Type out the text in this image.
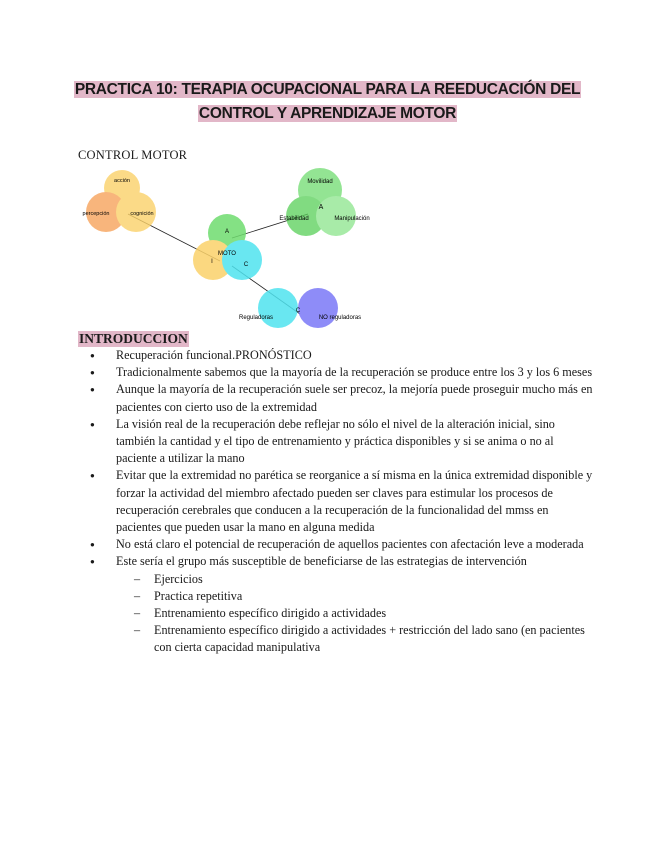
PRACTICA 10: TERAPIA OCUPACIONAL PARA LA REEDUCACIÓN DEL
CONTROL Y APRENDIZAJE MOTOR
CONTROL MOTOR
acción
percepción	cognición
Movilidad
A
Estabilidad	Manipulación
A
MOTO
I	C
C
Reguladoras	NO reguladoras
INTRODUCCION
● Recuperación funcional.PRONÓSTICO
● Tradicionalmente sabemos que la mayoría de la recuperación se produce entre los 3 y los 6 meses
● Aunque la mayoría de la recuperación suele ser precoz, la mejoría puede proseguir mucho más en pacientes con cierto uso de la extremidad
● La visión real de la recuperación debe reflejar no sólo el nivel de la alteración inicial, sino también la cantidad y el tipo de entrenamiento y práctica disponibles y si se anima o no al paciente a utilizar la mano
● Evitar que la extremidad no parética se reorganice a sí misma en la única extremidad disponible y forzar la actividad del miembro afectado pueden ser claves para estimular los procesos de recuperación cerebrales que conducen a la recuperación de la funcionalidad del mmss en pacientes que pueden usar la mano en alguna medida
● No está claro el potencial de recuperación de aquellos pacientes con afectación leve a moderada
● Este sería el grupo más susceptible de beneficiarse de las estrategias de intervención
– Ejercicios
– Practica repetitiva
– Entrenamiento específico dirigido a actividades
– Entrenamiento específico dirigido a actividades + restricción del lado sano (en pacientes con cierta capacidad manipulativa
